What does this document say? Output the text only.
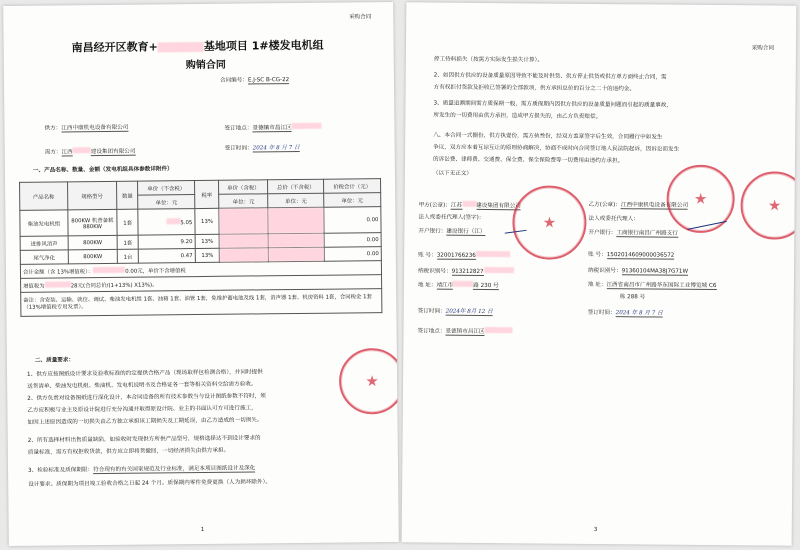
采购合同
南昌经开区教育+	基地项目 1#楼发电机组
购销合同
合同编号：E.J-SC B-CG-22
供方：江西中康机电设备有限公司	签订地点：景德镇市昌江区
需方：江西	建设集团有限公司
签订时间：2024 年 8 月 7 日
一、产品名称、数量、金额（发电机组具体参数详附件）
产品名称	规格型号	数量	单价（不含税）	税率	单价（含税）	总价（不含税）	价税合计（元）
			单位：元		单位：元	单位：元	单位：元
柴油发电机组	800KW 机普备载 880KW	1套	5.05	13%			0.00
进排风消声	800KW	1套	9.20	13%			0.00
尾气净化	800KW	1台	0.47	13%			0.00
合计金额（含 13%增值税）： 0.00元，单价不含增值税							
增值税为 28元(合同总价/(1+13%) X13%)。							
备注：含安装、运输、就位、调试、柴油发电机组 1套、油箱 1套、油管 1套，免维护蓄电池及线 1套，消声器 1套、机房资料 1套，合同税金 1套（13%增值税专用发票）。							
二、质量要求：
1、供方应按图纸设计要求及验收标准的约定提供合格产品（现场取样包检测合格），并同时提供
送货清单、柴油发电机组、柴油机、发电机说明书及合格证各一套等相关资料交给需方验收。
2、供方负责对设备图纸进行深化设计，本合同设备的所有技术参数当与设计图纸参数不符时，须
乙方应积极与业主及原设计院进行充分沟通并取得原设计院、业主的书面认可方可进行施工，
如因上述原因造成的一切损失由乙方独立承担该工期损失及工期延误，由乙方造成的一切损失。
2、所有选择材料出售质量缺陷，如验收时发现供方所供产品型号，规格选择达不到设计要求的
质量标准，需方有权拒收货款，供方应立即将货撤回，一切经济损失由供方承担。
3、检验标准及质保期限：符合现有的有关国家规范及行业标准，满足本项目图纸设计及深化
设计要求。质保期为项目竣工验收合格之日起 24 个月。质保期内零件免费更换（人为损坏除外）。
1
采购合同
停工待料损失（按需方实际发生损失计算）。
2、如因供方供应的设备质量原因导致不能及时供货、供方停止供货或供方单方面终止合同，需
方有权拒付货款及拒收已签署的全部款项，供方承担总价的百分之二十的违约金。
3、质量追溯期间需方质保期一般，需方质保期内因供方供应的设备质量问题而引起的质量事故，
所发生的一切费用由供方承担，造成甲方损失的，由乙方负责赔偿。
八、本合同一式捌份，供方执壹份，需方执叁份，经双方盖章签字后生效，合同履行中如发生
争议，双方应本着互谅互让的原则协商解决，协商不成时向合同签订地人民法院起诉，因诉讼而发生
的诉讼费、律师费、交通费、保全费、保全保险费等一切费用由违约方承担。
（以下无正文）
甲方(公章)：江苏 建设集团有限公司
法人或委托代理人(签字)：
开户银行：建设银行（江）
账 号：32001766236
纳税识别号：913212827
地 址：靖江市	路 230 号
签订时间：2024年 8月 12 日
签订地点：景德镇市昌江区
乙方(公章)：江西中康机电设备有限公司
法人或委托代理人：
开户银行：工商银行南昌广州路支行
账 号：1502014609000036572
纳税识别号：91360104MA38J7G71W
地 址：江西省南昌市广州路华东国际工业博览城 C6
栋 288 号
签订时间：2024 年 8 月 7 日
3
